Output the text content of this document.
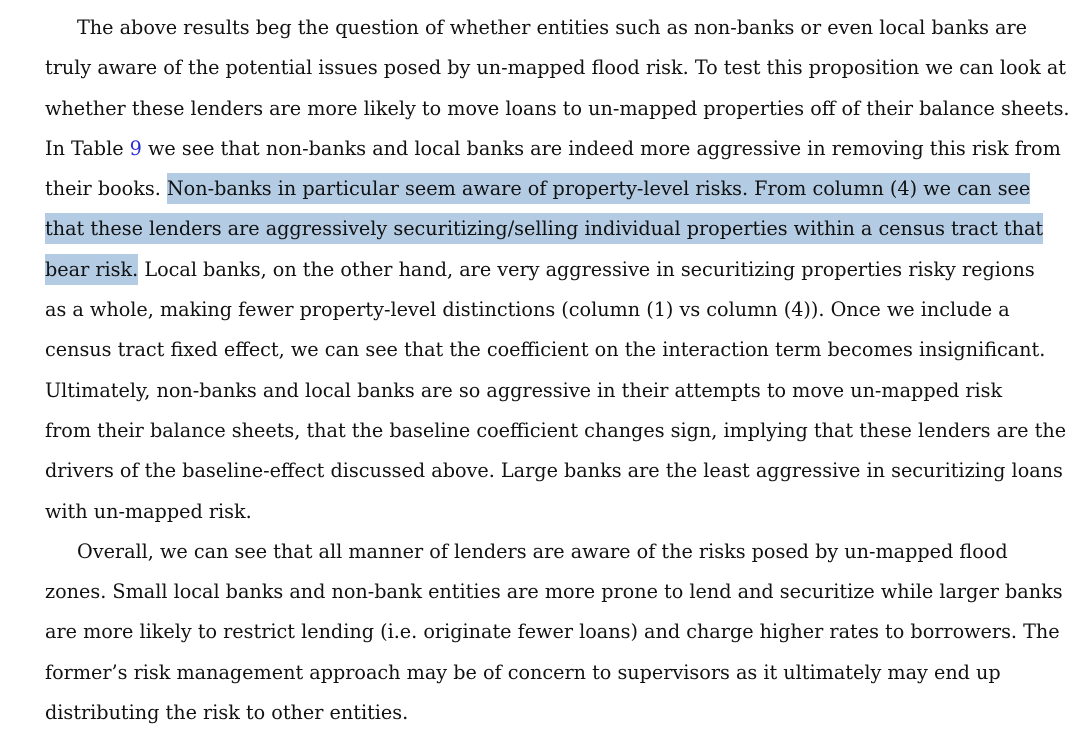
The above results beg the question of whether entities such as non-banks or even local banks are
truly aware of the potential issues posed by un-mapped flood risk. To test this proposition we can look at
whether these lenders are more likely to move loans to un-mapped properties off of their balance sheets.
In Table 9 we see that non-banks and local banks are indeed more aggressive in removing this risk from
their books. Non-banks in particular seem aware of property-level risks. From column (4) we can see
that these lenders are aggressively securitizing/selling individual properties within a census tract that
bear risk. Local banks, on the other hand, are very aggressive in securitizing properties risky regions
as a whole, making fewer property-level distinctions (column (1) vs column (4)). Once we include a
census tract fixed effect, we can see that the coefficient on the interaction term becomes insignificant.
Ultimately, non-banks and local banks are so aggressive in their attempts to move un-mapped risk
from their balance sheets, that the baseline coefficient changes sign, implying that these lenders are the
drivers of the baseline-effect discussed above. Large banks are the least aggressive in securitizing loans
with un-mapped risk.
Overall, we can see that all manner of lenders are aware of the risks posed by un-mapped flood
zones. Small local banks and non-bank entities are more prone to lend and securitize while larger banks
are more likely to restrict lending (i.e. originate fewer loans) and charge higher rates to borrowers. The
former’s risk management approach may be of concern to supervisors as it ultimately may end up
distributing the risk to other entities.
